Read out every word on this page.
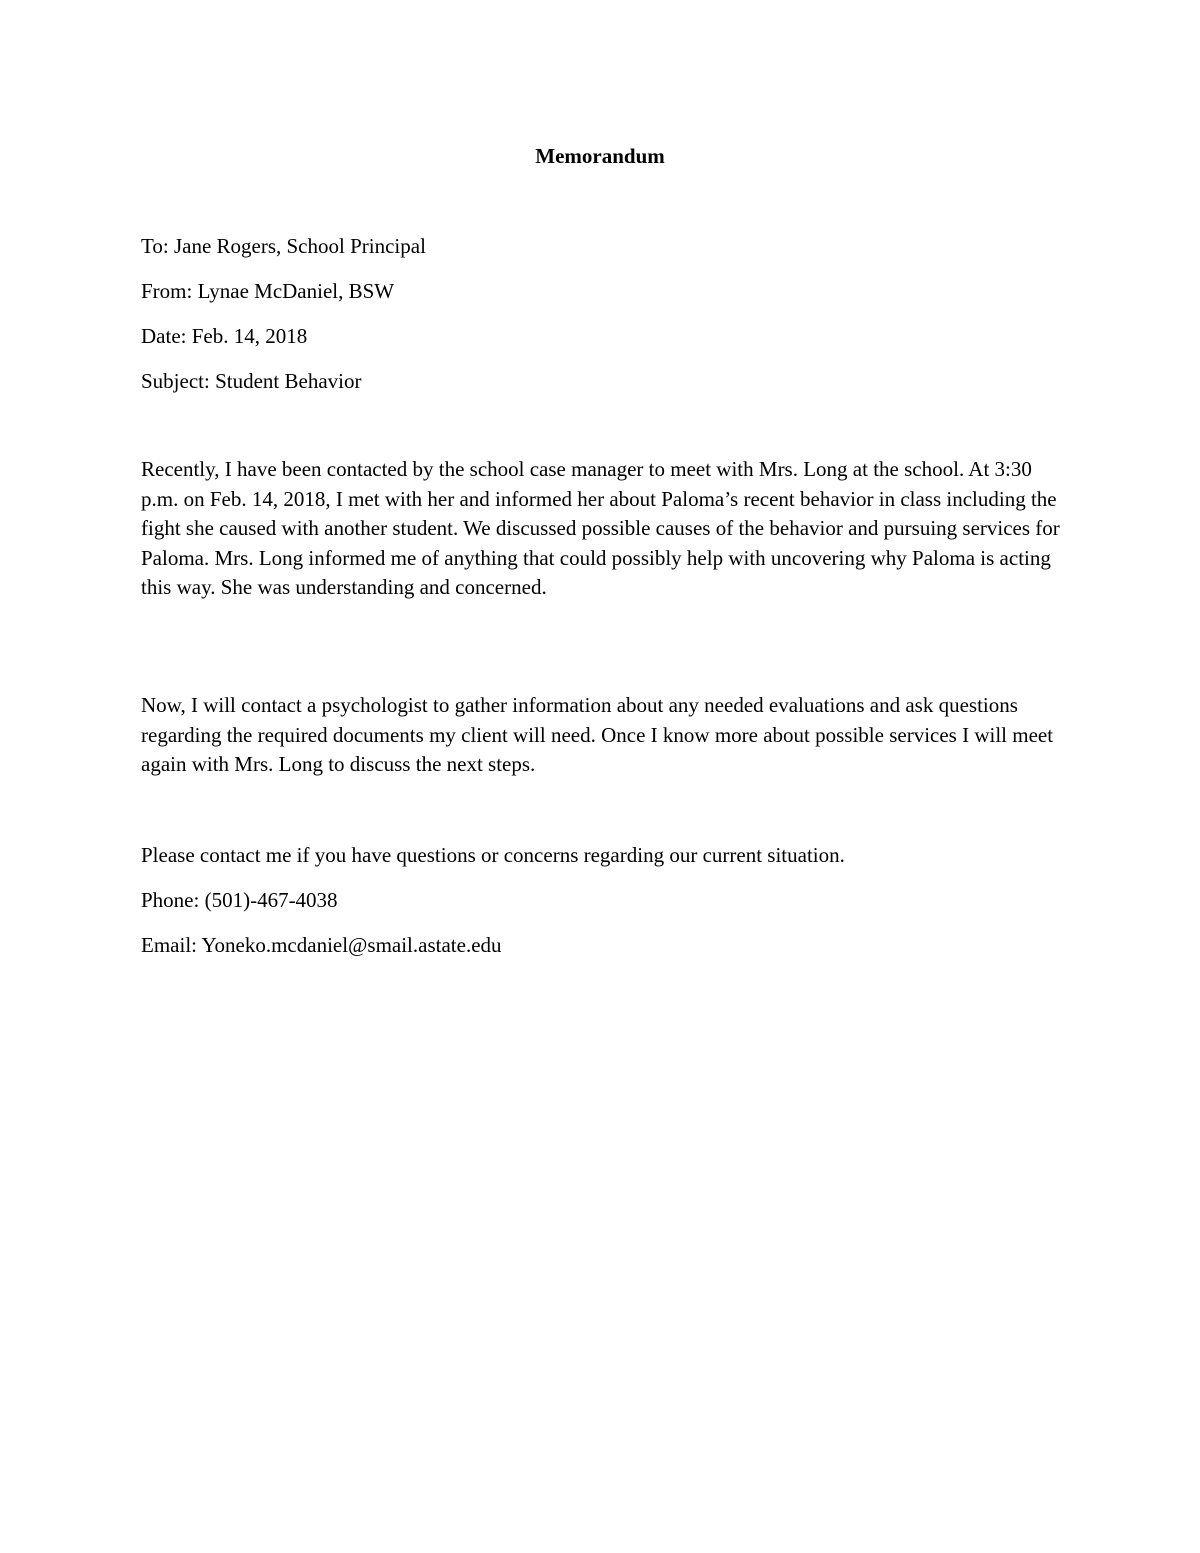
Memorandum

To: Jane Rogers, School Principal

From: Lynae McDaniel, BSW

Date: Feb. 14, 2018

Subject: Student Behavior

Recently, I have been contacted by the school case manager to meet with Mrs. Long at the school. At 3:30 p.m. on Feb. 14, 2018, I met with her and informed her about Paloma’s recent behavior in class including the fight she caused with another student. We discussed possible causes of the behavior and pursuing services for Paloma. Mrs. Long informed me of anything that could possibly help with uncovering why Paloma is acting this way. She was understanding and concerned.

Now, I will contact a psychologist to gather information about any needed evaluations and ask questions regarding the required documents my client will need. Once I know more about possible services I will meet again with Mrs. Long to discuss the next steps.

Please contact me if you have questions or concerns regarding our current situation.

Phone: (501)-467-4038

Email: Yoneko.mcdaniel@smail.astate.edu
